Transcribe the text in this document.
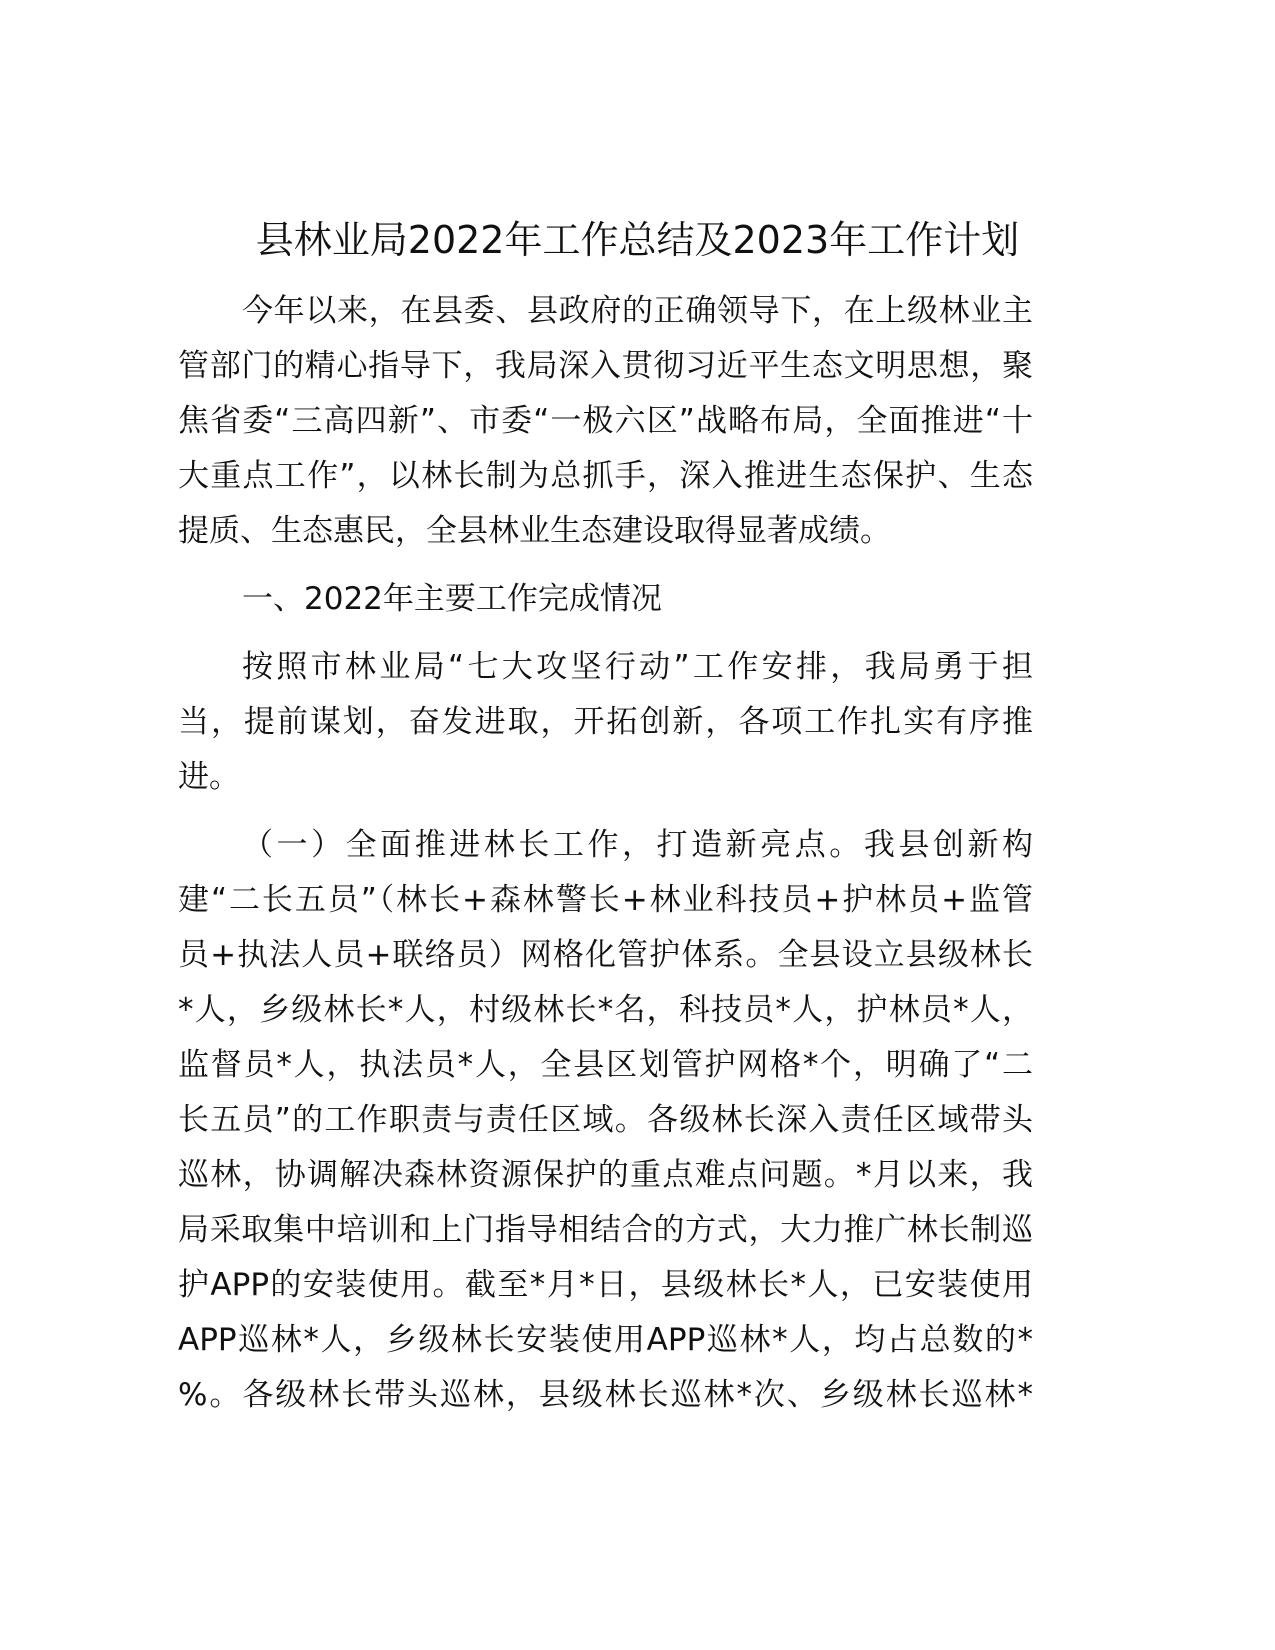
县林业局2022年工作总结及2023年工作计划
今年以来，在县委、县政府的正确领导下，在上级林业主
管部门的精心指导下，我局深入贯彻习近平生态文明思想，聚
焦省委“三高四新”、市委“一极六区”战略布局，全面推进“十
大重点工作”，以林长制为总抓手，深入推进生态保护、生态
提质、生态惠民，全县林业生态建设取得显著成绩。
一、2022年主要工作完成情况
按照市林业局“七大攻坚行动”工作安排，我局勇于担
当，提前谋划，奋发进取，开拓创新，各项工作扎实有序推
进。
（一）全面推进林长工作，打造新亮点。我县创新构
建“二长五员”（林长+森林警长+林业科技员+护林员+监管
员+执法人员+联络员）网格化管护体系。全县设立县级林长
*人，乡级林长*人，村级林长*名，科技员*人，护林员*人，
监督员*人，执法员*人，全县区划管护网格*个，明确了“二
长五员”的工作职责与责任区域。各级林长深入责任区域带头
巡林，协调解决森林资源保护的重点难点问题。*月以来，我
局采取集中培训和上门指导相结合的方式，大力推广林长制巡
护APP的安装使用。截至*月*日，县级林长*人，已安装使用
APP巡林*人，乡级林长安装使用APP巡林*人，均占总数的*
%。各级林长带头巡林，县级林长巡林*次、乡级林长巡林*
